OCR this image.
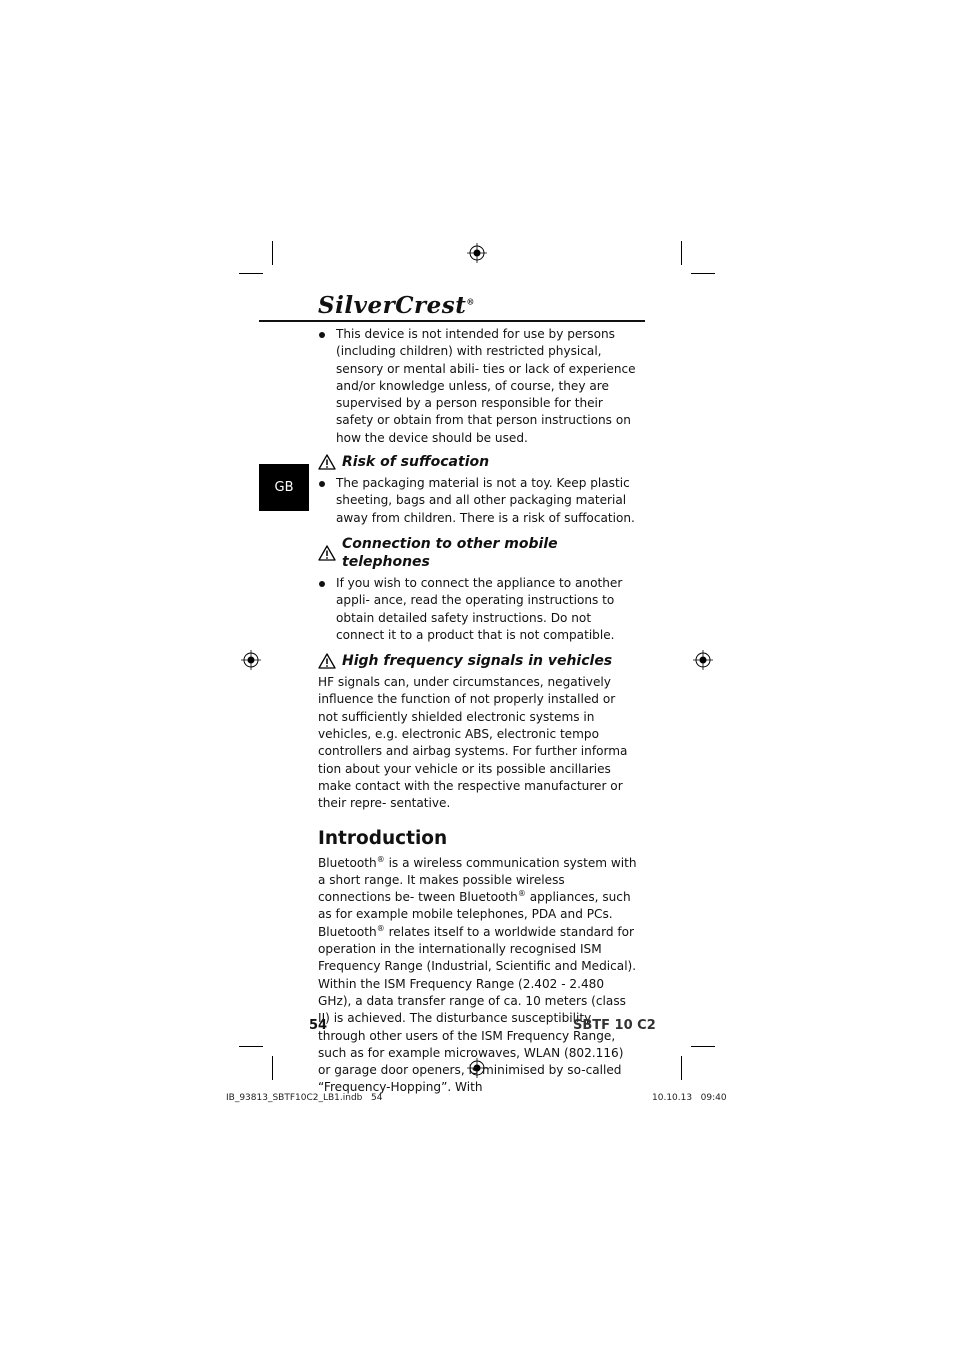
SilverCrest®
GB
This device is not intended for use by persons (including children) with restricted physical, sensory or mental abili- ties or lack of experience and/or knowledge unless, of course, they are supervised by a person responsible for their safety or obtain from that person instructions on how the device should be used.
Risk of suffocation
The packaging material is not a toy. Keep plastic sheeting, bags and all other packaging material away from children. There is a risk of suffocation.
Connection to other mobile telephones
If you wish to connect the appliance to another appli- ance, read the operating instructions to obtain detailed safety instructions. Do not connect it to a product that is not compatible.
High frequency signals in vehicles

HF signals can, under circumstances, negatively influence the function of not properly installed or not sufficiently shielded electronic systems in vehicles, e.g. electronic ABS, electronic tempo controllers and airbag systems. For further informa tion about your vehicle or its possible ancillaries make contact with the respective manufacturer or their repre- sentative.

Introduction

Bluetooth® is a wireless communication system with a short range. It makes possible wireless connections be- tween Bluetooth® appliances, such as for example mobile telephones, PDA and PCs. Bluetooth® relates itself to a worldwide standard for operation in the internationally recognised ISM Frequency Range (Industrial, Scientific and Medical). Within the ISM Frequency Range (2.402 - 2.480 GHz), a data transfer range of ca. 10 meters (class II) is achieved. The disturbance susceptibility through other users of the ISM Frequency Range, such as for example microwaves, WLAN (802.116) or garage door openers, is minimised by so-called “Frequency-Hopping”. With

54	SBTF 10 C2
IB_93813_SBTF10C2_LB1.indb   54	10.10.13   09:40
